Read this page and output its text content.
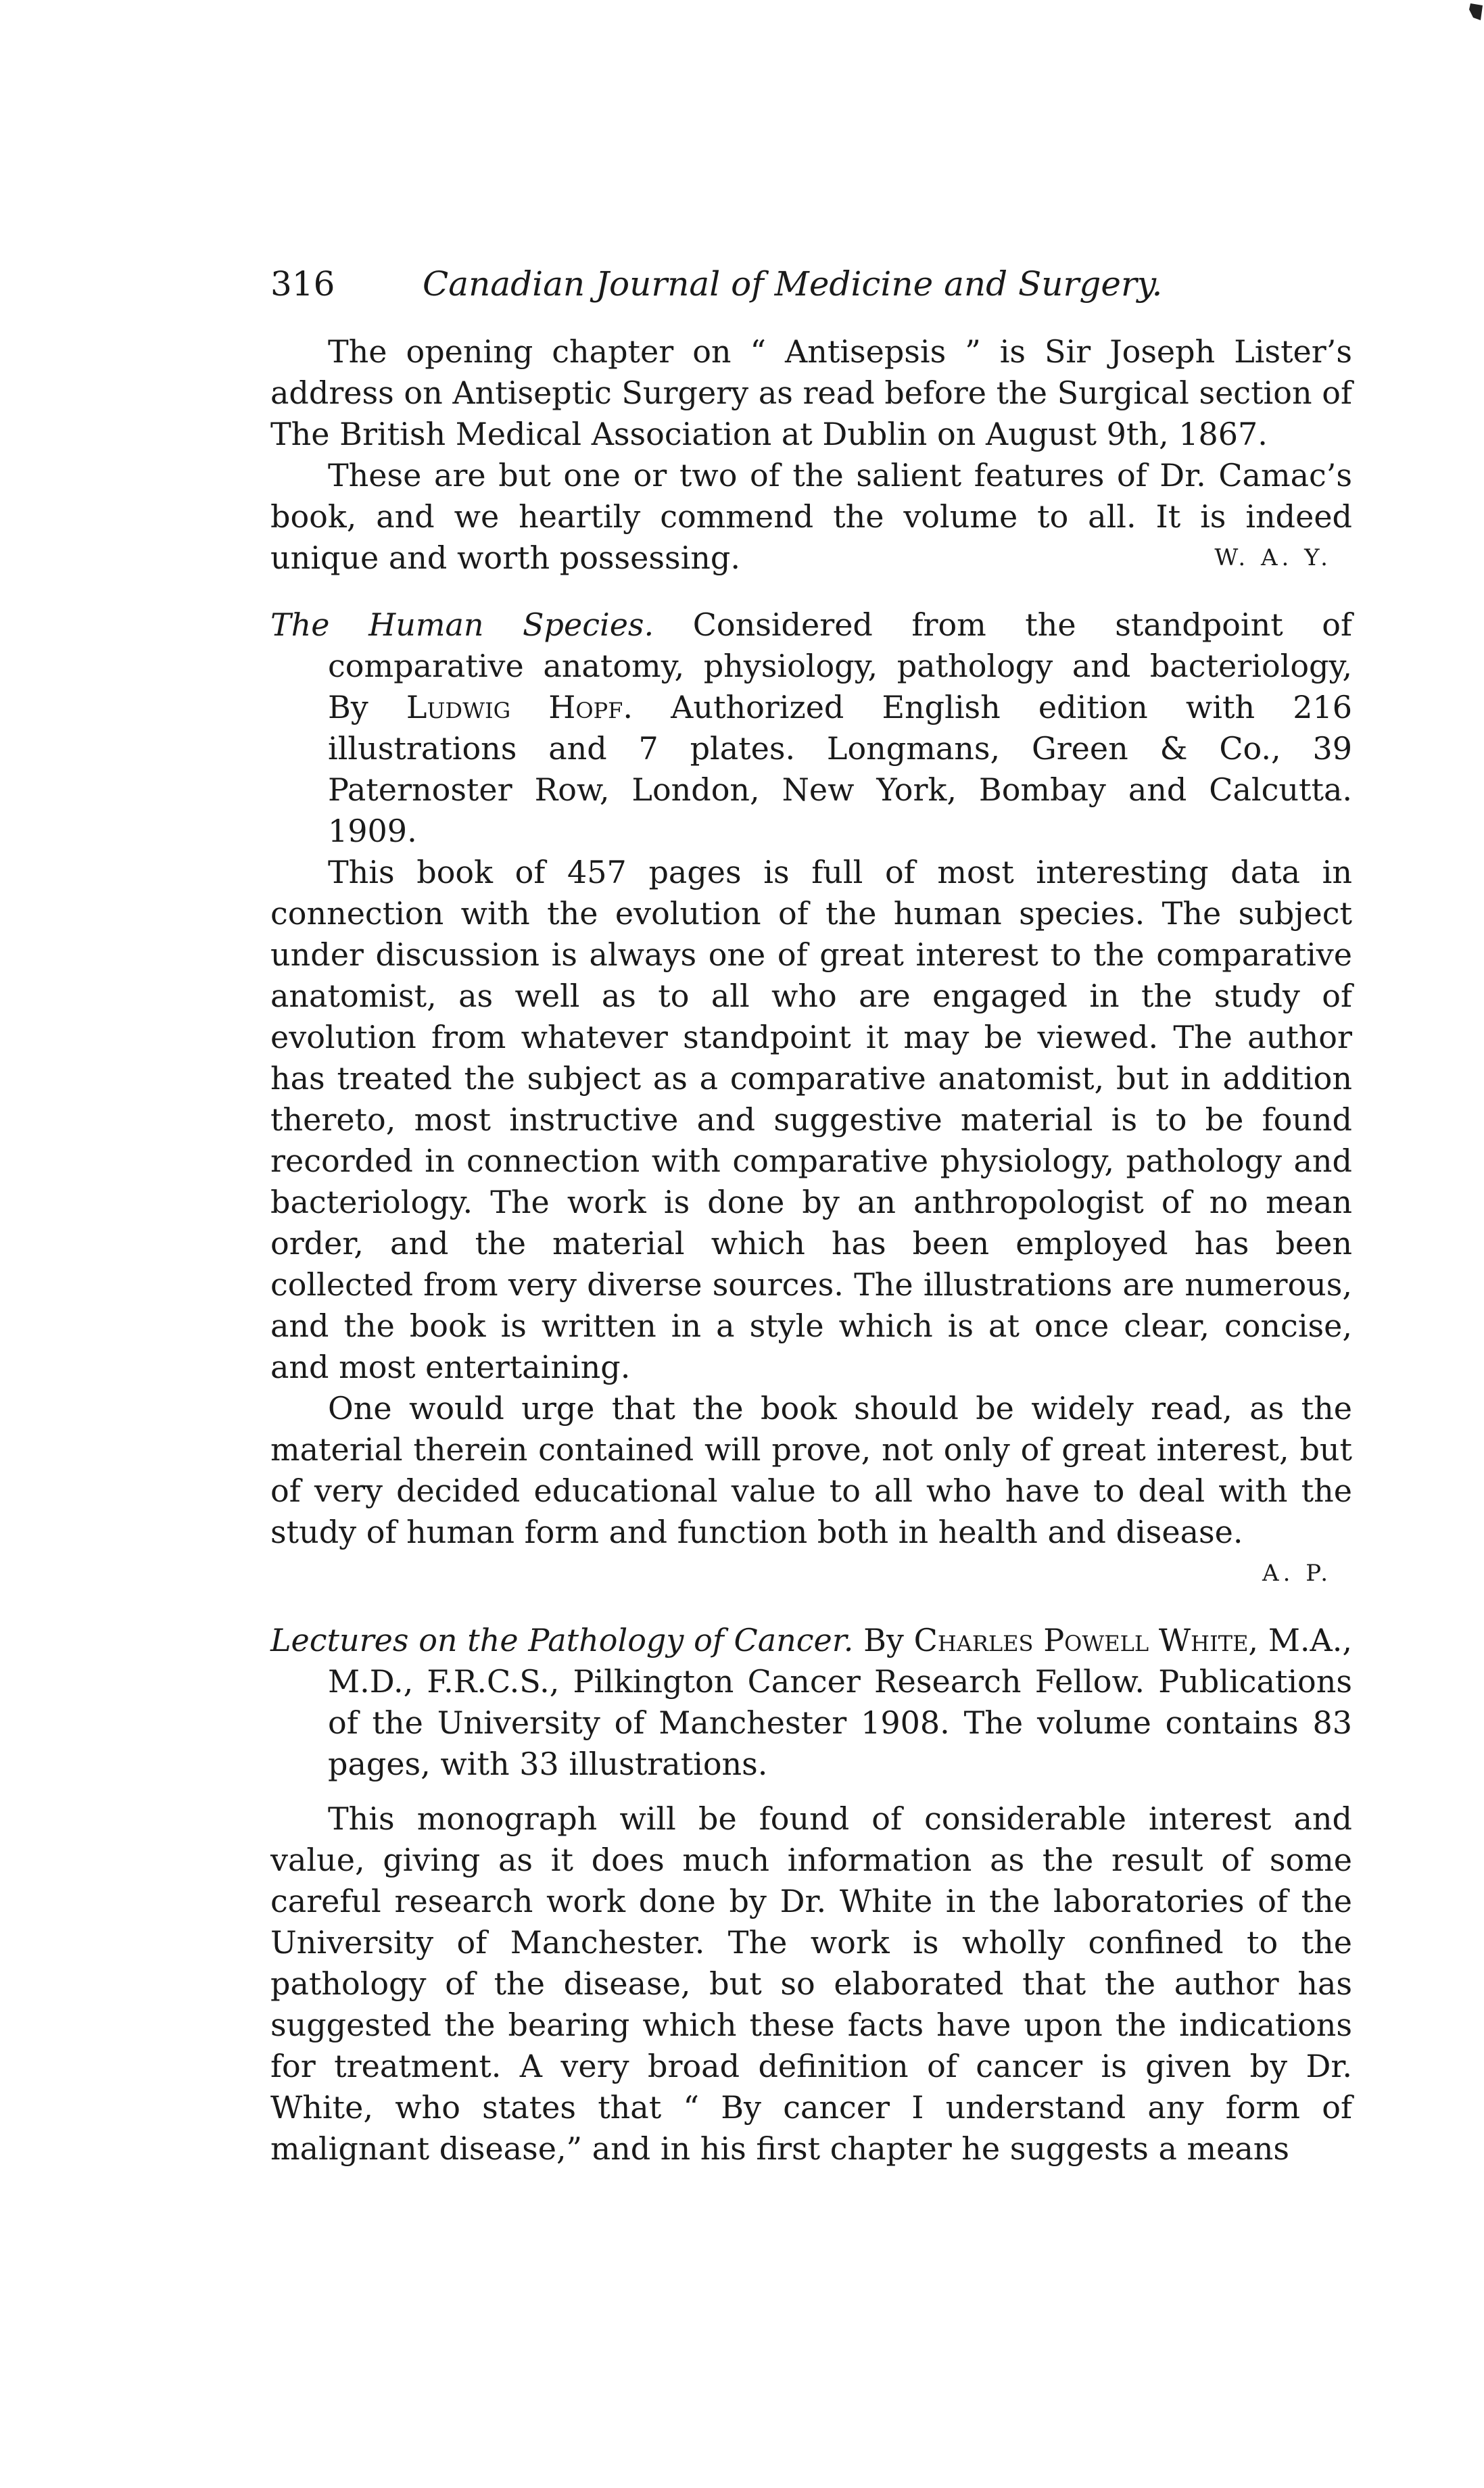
316	Canadian Journal of Medicine and Surgery.

The opening chapter on “ Antisepsis ” is Sir Joseph Lister’s address on Antiseptic Surgery as read before the Surgical section of The British Medical Association at Dublin on August 9th, 1867.

These are but one or two of the salient features of Dr. Camac’s book, and we heartily commend the volume to all. It is indeed unique and worth possessing.	W. A. Y.

The Human Species. Considered from the standpoint of comparative anatomy, physiology, pathology and bacteriology, By Ludwig Hopf. Authorized English edition with 216 illustrations and 7 plates. Longmans, Green & Co., 39 Paternoster Row, London, New York, Bombay and Calcutta. 1909.

This book of 457 pages is full of most interesting data in connection with the evolution of the human species. The subject under discussion is always one of great interest to the comparative anatomist, as well as to all who are engaged in the study of evolution from whatever standpoint it may be viewed. The author has treated the subject as a comparative anatomist, but in addition thereto, most instructive and suggestive material is to be found recorded in connection with comparative physiology, pathology and bacteriology. The work is done by an anthropologist of no mean order, and the material which has been employed has been collected from very diverse sources. The illustrations are numerous, and the book is written in a style which is at once clear, concise, and most entertaining.

One would urge that the book should be widely read, as the material therein contained will prove, not only of great interest, but of very decided educational value to all who have to deal with the study of human form and function both in health and disease.
A. P.

Lectures on the Pathology of Cancer. By Charles Powell White, M.A., M.D., F.R.C.S., Pilkington Cancer Research Fellow. Publications of the University of Manchester 1908. The volume contains 83 pages, with 33 illustrations.

This monograph will be found of considerable interest and value, giving as it does much information as the result of some careful research work done by Dr. White in the laboratories of the University of Manchester. The work is wholly confined to the pathology of the disease, but so elaborated that the author has suggested the bearing which these facts have upon the indications for treatment. A very broad definition of cancer is given by Dr. White, who states that “ By cancer I understand any form of malignant disease,” and in his first chapter he suggests a means
